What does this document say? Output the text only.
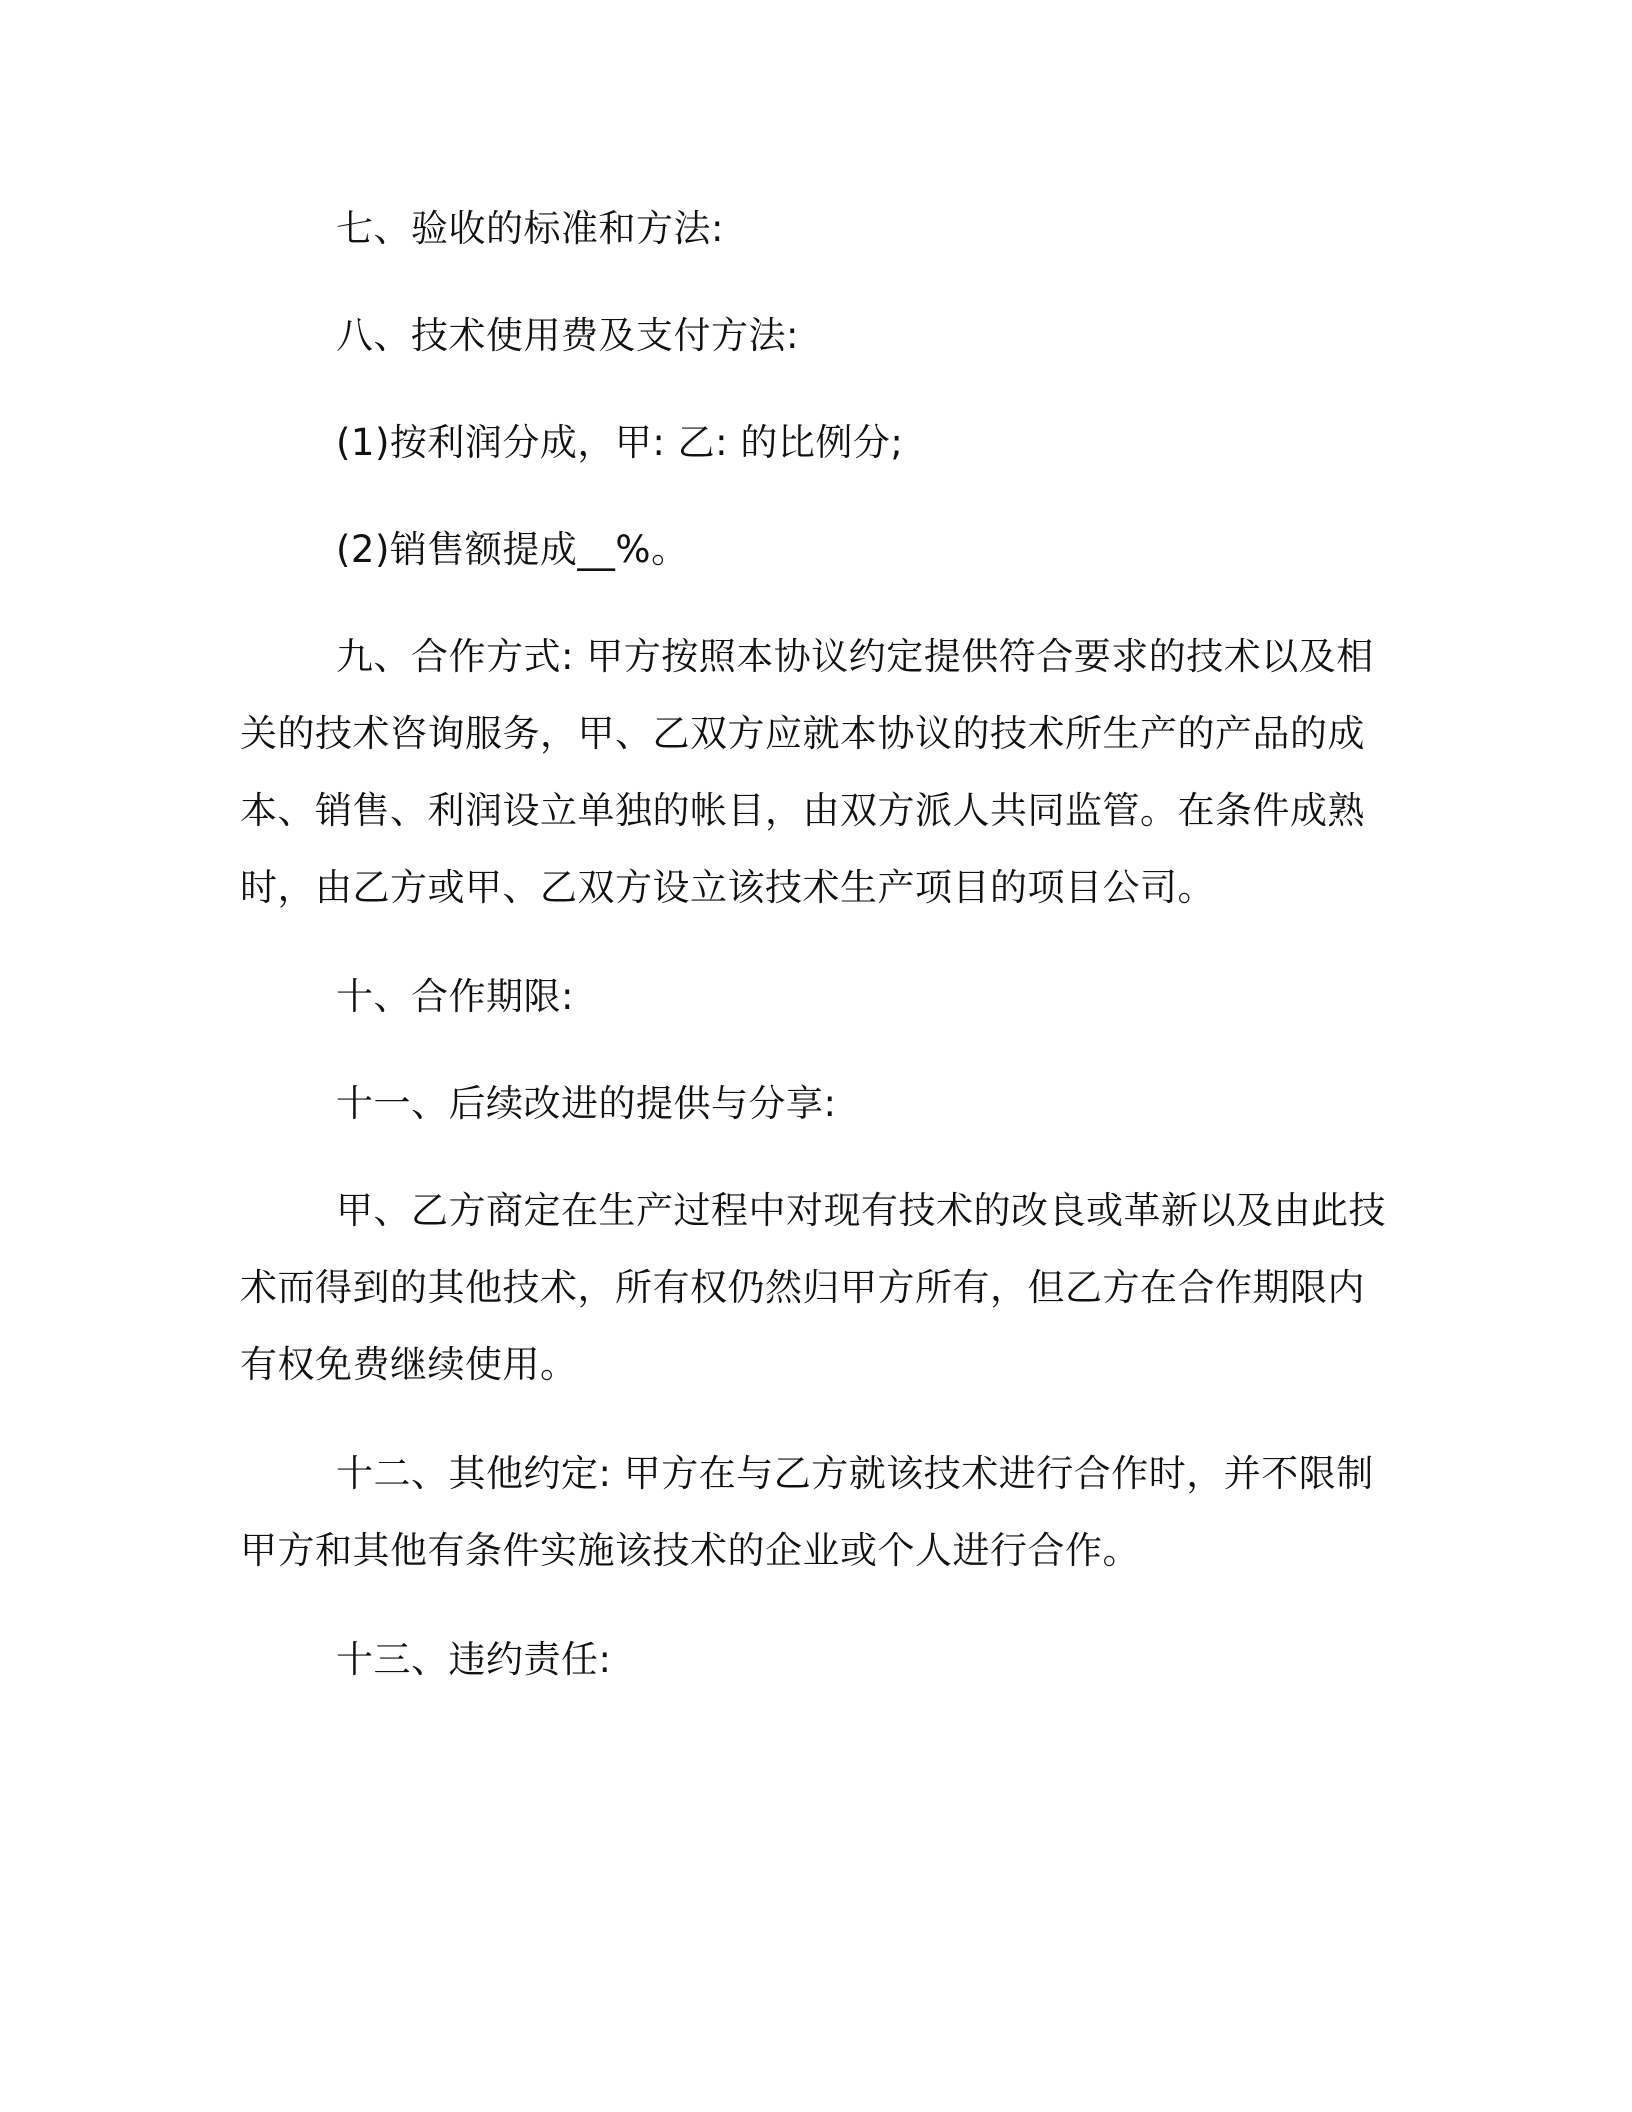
七、验收的标准和方法:

八、技术使用费及支付方法:

(1)按利润分成，甲: 乙: 的比例分;

(2)销售额提成__%。

九、合作方式: 甲方按照本协议约定提供符合要求的技术以及相关的技术咨询服务，甲、乙双方应就本协议的技术所生产的产品的成本、销售、利润设立单独的帐目，由双方派人共同监管。在条件成熟时，由乙方或甲、乙双方设立该技术生产项目的项目公司。

十、合作期限:

十一、后续改进的提供与分享:

甲、乙方商定在生产过程中对现有技术的改良或革新以及由此技术而得到的其他技术，所有权仍然归甲方所有，但乙方在合作期限内有权免费继续使用。

十二、其他约定: 甲方在与乙方就该技术进行合作时，并不限制甲方和其他有条件实施该技术的企业或个人进行合作。

十三、违约责任:
